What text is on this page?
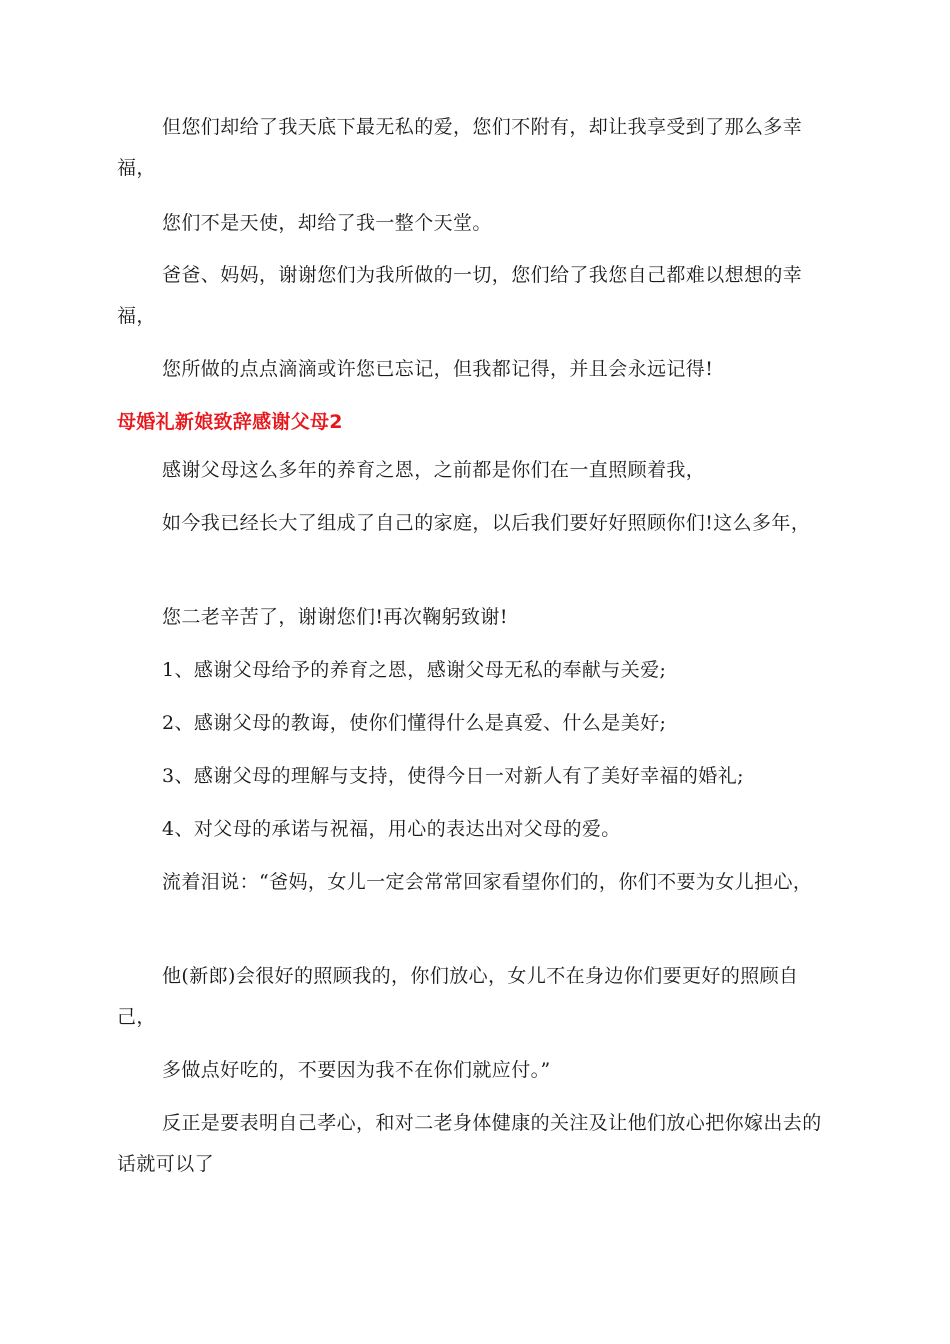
但您们却给了我天底下最无私的爱，您们不附有，却让我享受到了那么多幸福，

您们不是天使，却给了我一整个天堂。

爸爸、妈妈，谢谢您们为我所做的一切，您们给了我您自己都难以想想的幸福，

您所做的点点滴滴或许您已忘记，但我都记得，并且会永远记得!

母婚礼新娘致辞感谢父母2

感谢父母这么多年的养育之恩，之前都是你们在一直照顾着我，

如今我已经长大了组成了自己的家庭，以后我们要好好照顾你们!这么多年，

您二老辛苦了，谢谢您们!再次鞠躬致谢!

1、感谢父母给予的养育之恩，感谢父母无私的奉献与关爱;

2、感谢父母的教诲，使你们懂得什么是真爱、什么是美好;

3、感谢父母的理解与支持，使得今日一对新人有了美好幸福的婚礼;

4、对父母的承诺与祝福，用心的表达出对父母的爱。

流着泪说：“爸妈，女儿一定会常常回家看望你们的，你们不要为女儿担心，

他(新郎)会很好的照顾我的，你们放心，女儿不在身边你们要更好的照顾自己，

多做点好吃的，不要因为我不在你们就应付。”

反正是要表明自己孝心，和对二老身体健康的关注及让他们放心把你嫁出去的话就可以了
